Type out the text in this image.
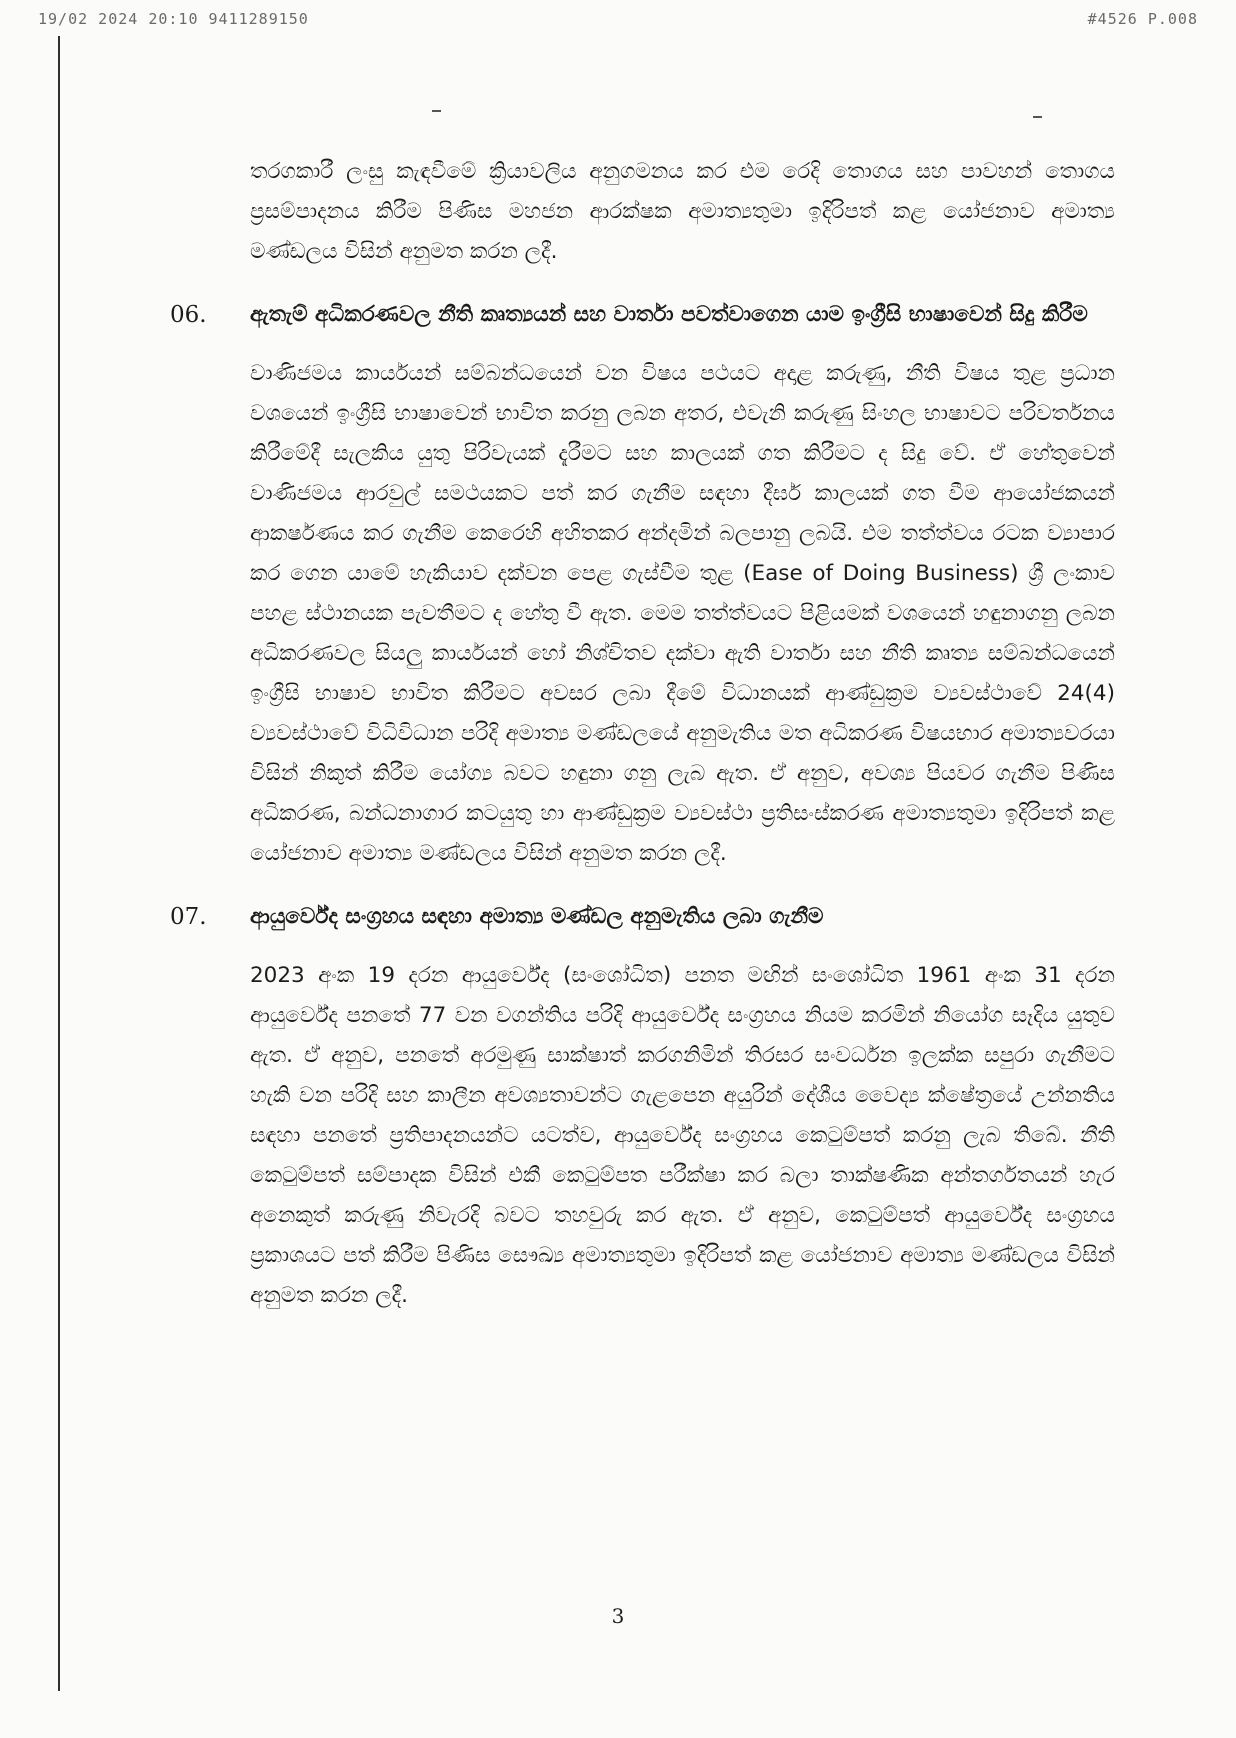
19/02 2024 20:10 9411289150	#4526 P.008

තරගකාරී ලංසු කැඳවීමේ ක්‍රියාවලිය අනුගමනය කර එම රෙදි තොගය සහ පාවහන් තොගය ප්‍රසම්පාදනය කිරීම පිණිස මහජන ආරක්ෂක අමාත්‍යතුමා ඉදිරිපත් කළ යෝජනාව අමාත්‍ය මණ්ඩලය විසින් අනුමත කරන ලදී.

06.	ඇතැම් අධිකරණවල නීති කෘත්‍යයන් සහ වාර්තා පවත්වාගෙන යාම ඉංග්‍රීසි භාෂාවෙන් සිදු කිරීම

වාණිජමය කාර්යයන් සම්බන්ධයෙන් වන විෂය පථයට අදාළ කරුණු, නීති විෂය තුළ ප්‍රධාන වශයෙන් ඉංග්‍රීසි භාෂාවෙන් භාවිත කරනු ලබන අතර, එවැනි කරුණු සිංහල භාෂාවට පරිවර්තනය කිරීමේදී සැලකිය යුතු පිරිවැයක් දැරීමට සහ කාලයක් ගත කිරීමට ද සිදු වේ. ඒ හේතුවෙන් වාණිජමය ආරවුල් සමථයකට පත් කර ගැනීම සඳහා දීර්ඝ කාලයක් ගත වීම ආයෝජකයන් ආකර්ෂණය කර ගැනීම කෙරෙහි අහිතකර අන්දමින් බලපානු ලබයි. එම තත්ත්වය රටක ව්‍යාපාර කර ගෙන යාමේ හැකියාව දක්වන පෙළ ගැස්වීම තුළ (Ease of Doing Business) ශ්‍රී ලංකාව පහළ ස්ථානයක පැවතීමට ද හේතු වී ඇත. මෙම තත්ත්වයට පිළියමක් වශයෙන් හඳුනාගනු ලබන අධිකරණවල සියලු කාර්යයන් හෝ නිශ්චිතව දක්වා ඇති වාර්තා සහ නීති කෘත්‍ය සම්බන්ධයෙන් ඉංග්‍රීසි භාෂාව භාවිත කිරීමට අවසර ලබා දීමේ විධානයක් ආණ්ඩුක්‍රම ව්‍යවස්ථාවේ 24(4) ව්‍යවස්ථාවේ විධිවිධාන පරිදි අමාත්‍ය මණ්ඩලයේ අනුමැතිය මත අධිකරණ විෂයභාර අමාත්‍යවරයා විසින් නිකුත් කිරීම යෝග්‍ය බවට හඳුනා ගනු ලැබ ඇත. ඒ අනුව, අවශ්‍ය පියවර ගැනීම පිණිස අධිකරණ, බන්ධනාගාර කටයුතු හා ආණ්ඩුක්‍රම ව්‍යවස්ථා ප්‍රතිසංස්කරණ අමාත්‍යතුමා ඉදිරිපත් කළ යෝජනාව අමාත්‍ය මණ්ඩලය විසින් අනුමත කරන ලදී.

07.	ආයුර්වේද සංග්‍රහය සඳහා අමාත්‍ය මණ්ඩල අනුමැතිය ලබා ගැනීම

2023 අංක 19 දරන ආයුර්වේද (සංශෝධිත) පනත මඟින් සංශෝධිත 1961 අංක 31 දරන ආයුර්වේද පනතේ 77 වන වගන්තිය පරිදි ආයුර්වේද සංග්‍රහය නියම කරමින් නියෝග සෑදිය යුතුව ඇත. ඒ අනුව, පනතේ අරමුණු සාක්ෂාත් කරගනිමින් තිරසර සංවර්ධන ඉලක්ක සපුරා ගැනීමට හැකි වන පරිදි සහ කාලීන අවශ්‍යතාවන්ට ගැළපෙන අයුරින් දේශීය වෛද්‍ය ක්ෂේත්‍රයේ උන්නතිය සඳහා පනතේ ප්‍රතිපාදනයන්ට යටත්ව, ආයුර්වේද සංග්‍රහය කෙටුම්පත් කරනු ලැබ තිබේ. නීති කෙටුම්පත් සම්පාදක විසින් එකී කෙටුම්පත පරීක්ෂා කර බලා තාක්ෂණික අන්තර්ගතයන් හැර අනෙකුත් කරුණු නිවැරදි බවට තහවුරු කර ඇත. ඒ අනුව, කෙටුම්පත් ආයුර්වේද සංග්‍රහය ප්‍රකාශයට පත් කිරීම පිණිස සෞඛ්‍ය අමාත්‍යතුමා ඉදිරිපත් කළ යෝජනාව අමාත්‍ය මණ්ඩලය විසින් අනුමත කරන ලදී.

3
